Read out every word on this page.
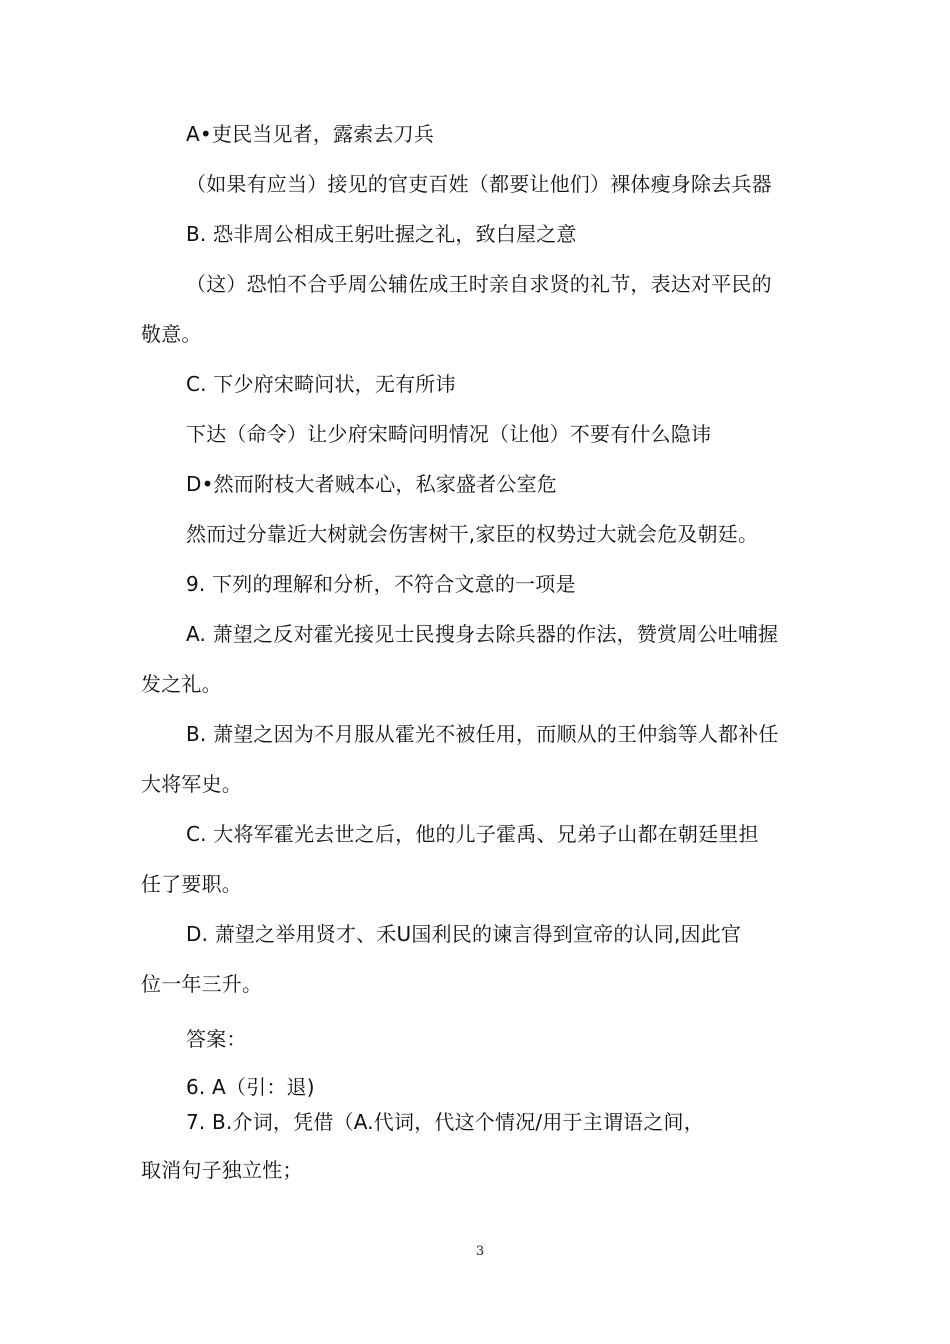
A•吏民当见者，露索去刀兵
（如果有应当）接见的官吏百姓（都要让他们）裸体瘦身除去兵器
B. 恐非周公相成王躬吐握之礼，致白屋之意
（这）恐怕不合乎周公辅佐成王时亲自求贤的礼节，表达对平民的
敬意。
C. 下少府宋畸问状，无有所讳
下达（命令）让少府宋畸问明情况（让他）不要有什么隐讳
D•然而附枝大者贼本心，私家盛者公室危
然而过分靠近大树就会伤害树干,家臣的权势过大就会危及朝廷。
9. 下列的理解和分析，不符合文意的一项是
A. 萧望之反对霍光接见士民搜身去除兵器的作法，赞赏周公吐哺握
发之礼。
B. 萧望之因为不月服从霍光不被任用，而顺从的王仲翁等人都补任
大将军史。
C. 大将军霍光去世之后，他的儿子霍禹、兄弟子山都在朝廷里担
任了要职。
D. 萧望之举用贤才、禾U国利民的谏言得到宣帝的认同,因此官
位一年三升。
答案：
6. A（引：退)
7. B.介词，凭借（A.代词，代这个情况/用于主谓语之间，
取消句子独立性；
3
